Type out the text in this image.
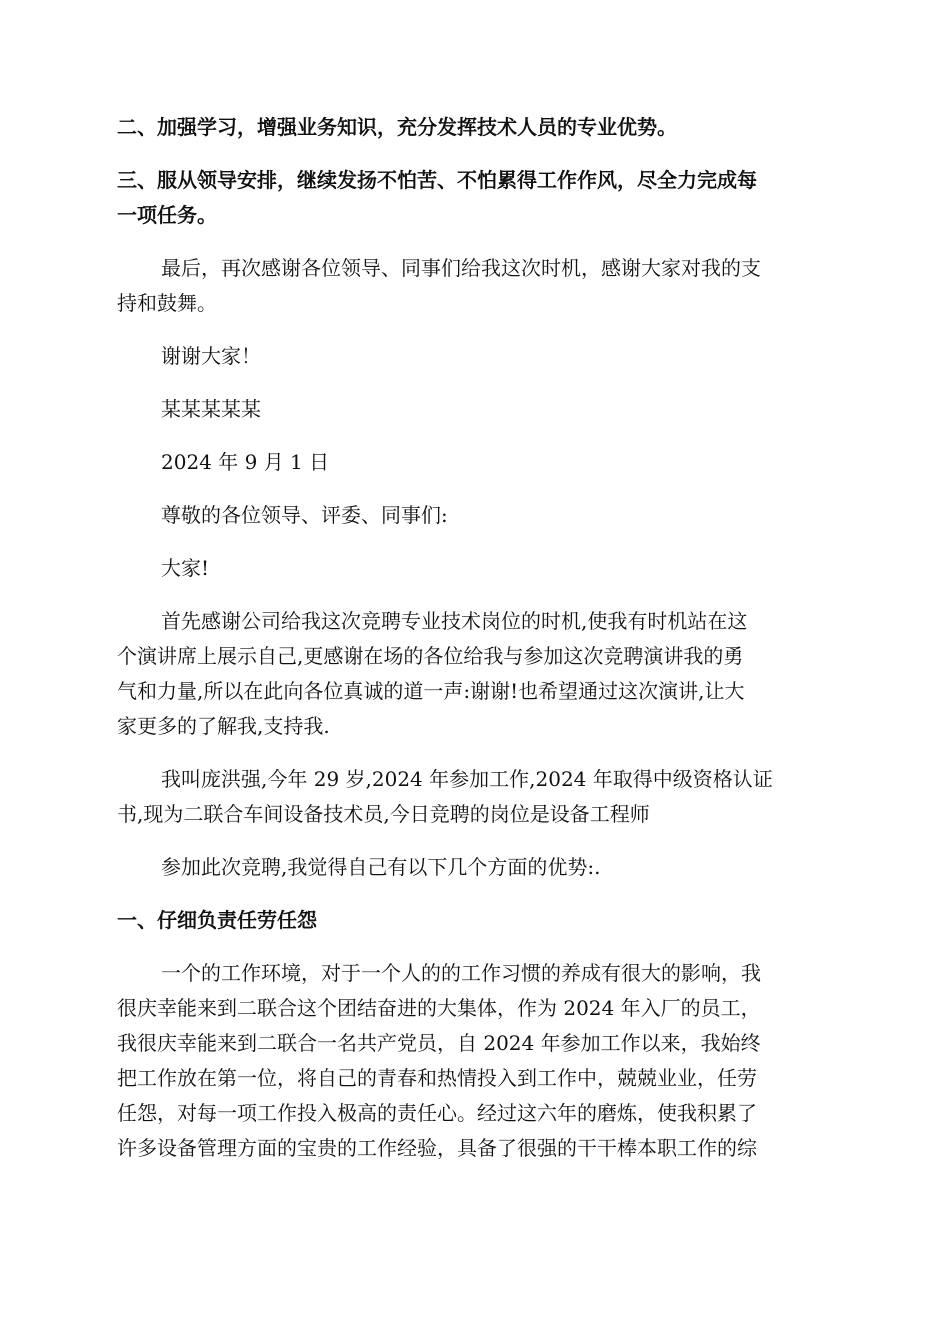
二、加强学习，增强业务知识，充分发挥技术人员的专业优势。

三、服从领导安排，继续发扬不怕苦、不怕累得工作作风，尽全力完成每

一项任务。

最后，再次感谢各位领导、同事们给我这次时机，感谢大家对我的支

持和鼓舞。

谢谢大家！

某某某某某

2024 年 9 月 1 日

尊敬的各位领导、评委、同事们:

大家!

首先感谢公司给我这次竞聘专业技术岗位的时机,使我有时机站在这

个演讲席上展示自己,更感谢在场的各位给我与参加这次竞聘演讲我的勇

气和力量,所以在此向各位真诚的道一声:谢谢!也希望通过这次演讲,让大

家更多的了解我,支持我.

我叫庞洪强,今年 29 岁,2024 年参加工作,2024 年取得中级资格认证

书,现为二联合车间设备技术员,今日竞聘的岗位是设备工程师

参加此次竞聘,我觉得自己有以下几个方面的优势:.

一、仔细负责任劳任怨

一个的工作环境，对于一个人的的工作习惯的养成有很大的影响，我

很庆幸能来到二联合这个团结奋进的大集体，作为 2024 年入厂的员工，

我很庆幸能来到二联合一名共产党员，自 2024 年参加工作以来，我始终

把工作放在第一位，将自己的青春和热情投入到工作中，兢兢业业，任劳

任怨，对每一项工作投入极高的责任心。经过这六年的磨炼，使我积累了

许多设备管理方面的宝贵的工作经验，具备了很强的干干棒本职工作的综
